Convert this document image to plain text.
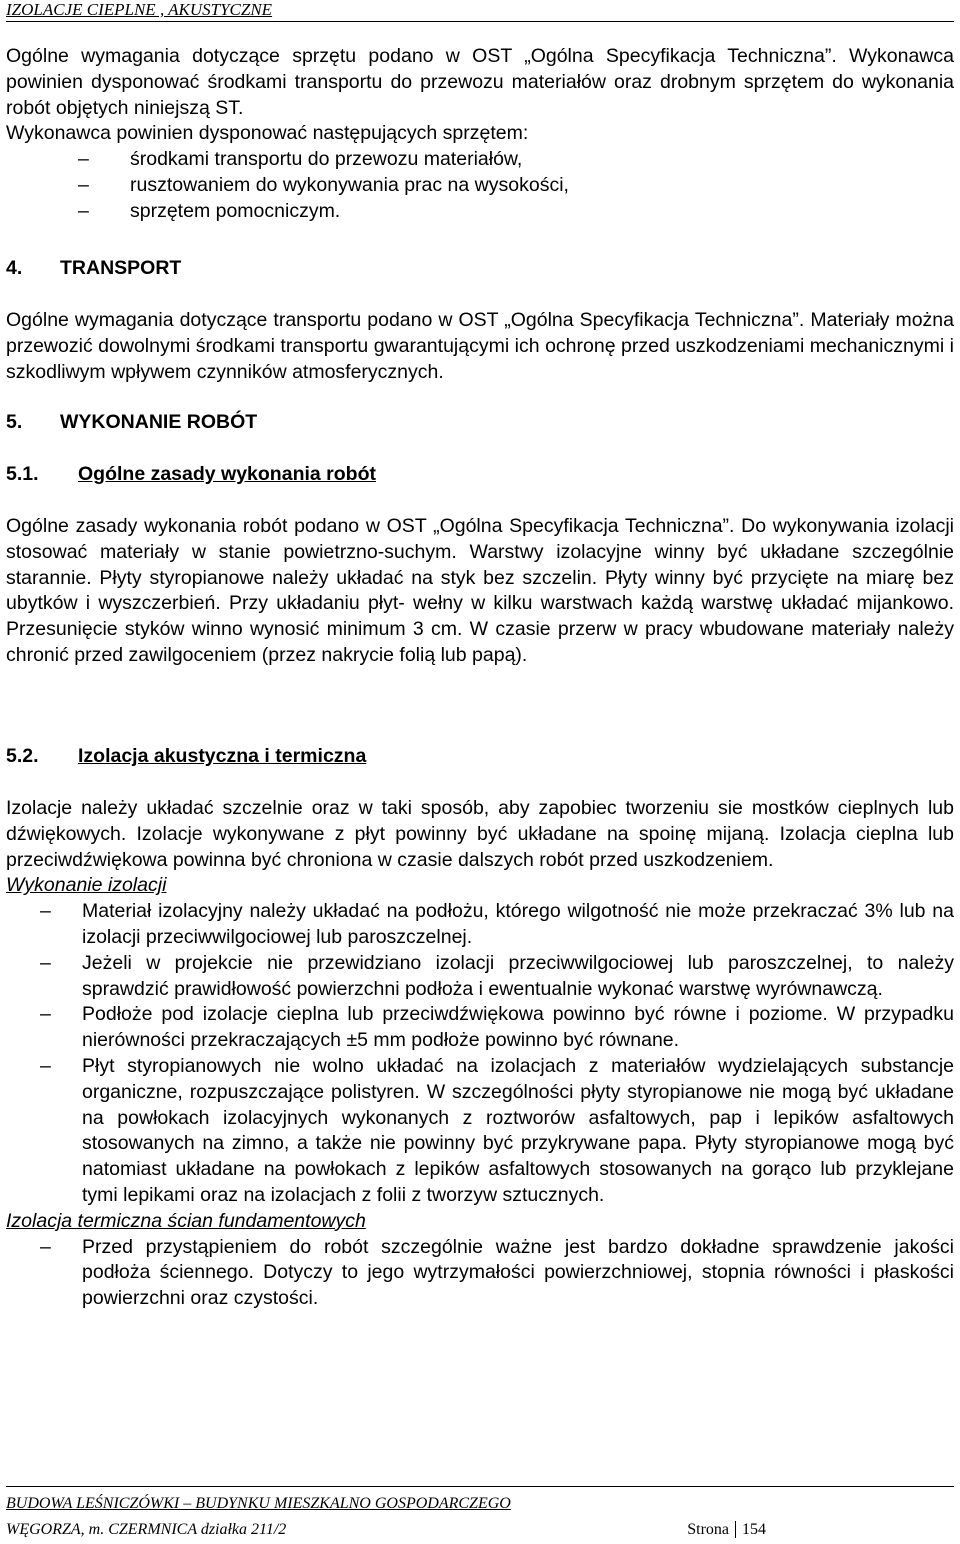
IZOLACJE CIEPLNE , AKUSTYCZNE

Ogólne wymagania dotyczące sprzętu podano w OST „Ogólna Specyfikacja Techniczna”. Wykonawca powinien dysponować środkami transportu do przewozu materiałów oraz drobnym sprzętem do wykonania robót objętych niniejszą ST.

Wykonawca powinien dysponować następujących sprzętem:

– środkami transportu do przewozu materiałów,
– rusztowaniem do wykonywania prac na wysokości,
– sprzętem pomocniczym.
4. TRANSPORT

Ogólne wymagania dotyczące transportu podano w OST „Ogólna Specyfikacja Techniczna”. Materiały można przewozić dowolnymi środkami transportu gwarantującymi ich ochronę przed uszkodzeniami mechanicznymi i szkodliwym wpływem czynników atmosferycznych.

5. WYKONANIE ROBÓT
5.1. Ogólne zasady wykonania robót

Ogólne zasady wykonania robót podano w OST „Ogólna Specyfikacja Techniczna”. Do wykonywania izolacji stosować materiały w stanie powietrzno-suchym. Warstwy izolacyjne winny być układane szczególnie starannie. Płyty styropianowe należy układać na styk bez szczelin. Płyty winny być przycięte na miarę bez ubytków i wyszczerbień. Przy układaniu płyt- wełny w kilku warstwach każdą warstwę układać mijankowo. Przesunięcie styków winno wynosić minimum 3 cm. W czasie przerw w pracy wbudowane materiały należy chronić przed zawilgoceniem (przez nakrycie folią lub papą).

5.2. Izolacja akustyczna i termiczna

Izolacje należy układać szczelnie oraz w taki sposób, aby zapobiec tworzeniu sie mostków cieplnych lub dźwiękowych. Izolacje wykonywane z płyt powinny być układane na spoinę mijaną. Izolacja cieplna lub przeciwdźwiękowa powinna być chroniona w czasie dalszych robót przed uszkodzeniem.

Wykonanie izolacji

– Materiał izolacyjny należy układać na podłożu, którego wilgotność nie może przekraczać 3% lub na izolacji przeciwwilgociowej lub paroszczelnej.
– Jeżeli w projekcie nie przewidziano izolacji przeciwwilgociowej lub paroszczelnej, to należy sprawdzić prawidłowość powierzchni podłoża i ewentualnie wykonać warstwę wyrównawczą.
– Podłoże pod izolacje cieplna lub przeciwdźwiękowa powinno być równe i poziome. W przypadku nierówności przekraczających ±5 mm podłoże powinno być równane.
– Płyt styropianowych nie wolno układać na izolacjach z materiałów wydzielających substancje organiczne, rozpuszczające polistyren. W szczególności płyty styropianowe nie mogą być układane na powłokach izolacyjnych wykonanych z roztworów asfaltowych, pap i lepików asfaltowych stosowanych na zimno, a także nie powinny być przykrywane papa. Płyty styropianowe mogą być natomiast układane na powłokach z lepików asfaltowych stosowanych na gorąco lub przyklejane tymi lepikami oraz na izolacjach z folii z tworzyw sztucznych.

Izolacja termiczna ścian fundamentowych

– Przed przystąpieniem do robót szczególnie ważne jest bardzo dokładne sprawdzenie jakości podłoża ściennego. Dotyczy to jego wytrzymałości powierzchniowej, stopnia równości i płaskości powierzchni oraz czystości.
BUDOWA LEŚNICZÓWKI – BUDYNKU MIESZKALNO GOSPODARCZEGO
WĘGORZA, m. CZERMNICA działka 211/2	Strona 154
